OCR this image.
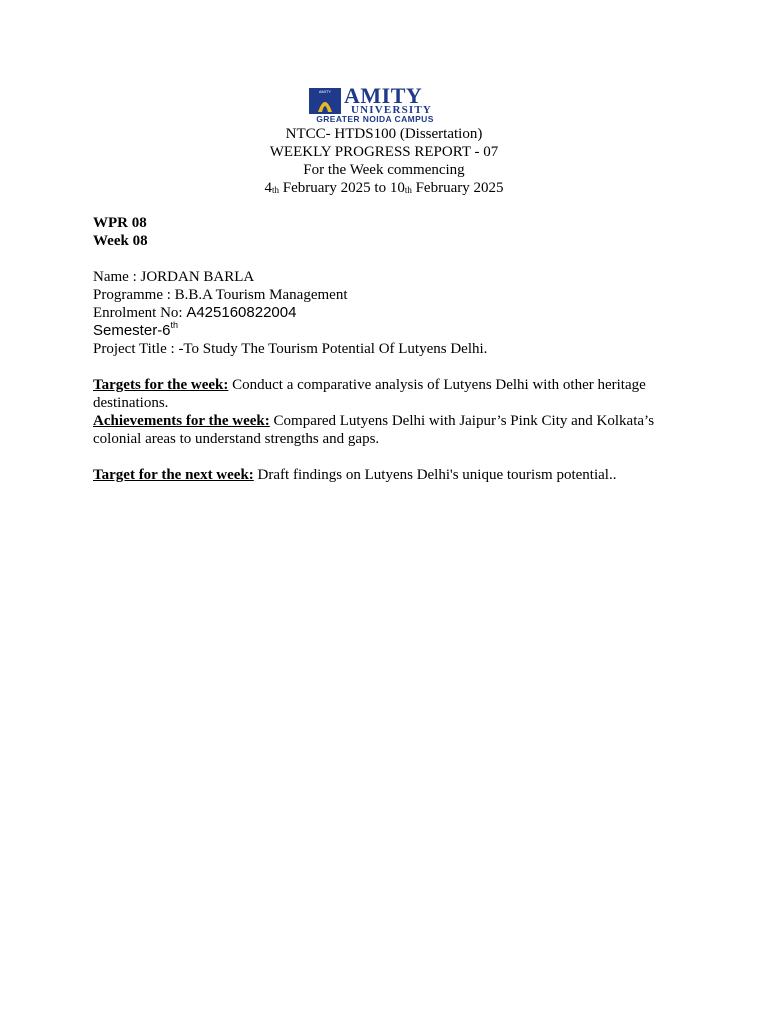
AMITY AMITY
UNIVERSITY
GREATER NOIDA CAMPUS
NTCC- HTDS100 (Dissertation)
WEEKLY PROGRESS REPORT - 07
For the Week commencing
$4_{th}$ February 2025 to $10_{th}$ February 2025
WPR 08
Week 08
Name : JORDAN BARLA
Programme : B.B.A Tourism Management
Enrolment No: A425160822004
Semester-6th
Project Title : -To Study The Tourism Potential Of Lutyens Delhi.
Targets for the week: Conduct a comparative analysis of Lutyens Delhi with other heritage destinations.
Achievements for the week: Compared Lutyens Delhi with Jaipur’s Pink City and Kolkata’s colonial areas to understand strengths and gaps.
Target for the next week: Draft findings on Lutyens Delhi's unique tourism potential..
